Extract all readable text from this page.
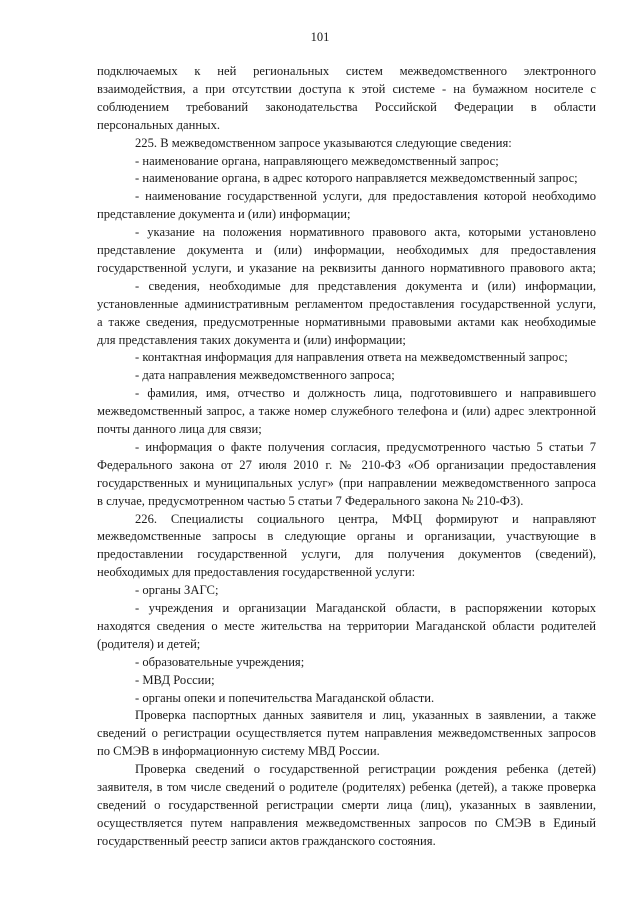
101
подключаемых к ней региональных систем межведомственного электронного
взаимодействия, а при отсутствии доступа к этой системе - на бумажном носителе с
соблюдением требований законодательства Российской Федерации в области
персональных данных.
225. В межведомственном запросе указываются следующие сведения:
- наименование органа, направляющего межведомственный запрос;
- наименование органа, в адрес которого направляется межведомственный запрос;
- наименование государственной услуги, для предоставления которой необходимо
представление документа и (или) информации;
- указание на положения нормативного правового акта, которыми установлено
представление документа и (или) информации, необходимых для предоставления
государственной услуги, и указание на реквизиты данного нормативного правового акта;
- сведения, необходимые для представления документа и (или) информации,
установленные административным регламентом предоставления государственной услуги,
а также сведения, предусмотренные нормативными правовыми актами как необходимые
для представления таких документа и (или) информации;
- контактная информация для направления ответа на межведомственный запрос;
- дата направления межведомственного запроса;
- фамилия, имя, отчество и должность лица, подготовившего и направившего
межведомственный запрос, а также номер служебного телефона и (или) адрес электронной
почты данного лица для связи;
- информация о факте получения согласия, предусмотренного частью 5 статьи 7
Федерального закона от 27 июля 2010 г. № 210-ФЗ «Об организации предоставления
государственных и муниципальных услуг» (при направлении межведомственного запроса
в случае, предусмотренном частью 5 статьи 7 Федерального закона № 210-ФЗ).
226. Специалисты социального центра, МФЦ формируют и направляют
межведомственные запросы в следующие органы и организации, участвующие в
предоставлении государственной услуги, для получения документов (сведений),
необходимых для предоставления государственной услуги:
- органы ЗАГС;
- учреждения и организации Магаданской области, в распоряжении которых
находятся сведения о месте жительства на территории Магаданской области родителей
(родителя) и детей;
- образовательные учреждения;
- МВД России;
- органы опеки и попечительства Магаданской области.
Проверка паспортных данных заявителя и лиц, указанных в заявлении, а также
сведений о регистрации осуществляется путем направления межведомственных запросов
по СМЭВ в информационную систему МВД России.
Проверка сведений о государственной регистрации рождения ребенка (детей)
заявителя, в том числе сведений о родителе (родителях) ребенка (детей), а также проверка
сведений о государственной регистрации смерти лица (лиц), указанных в заявлении,
осуществляется путем направления межведомственных запросов по СМЭВ в Единый
государственный реестр записи актов гражданского состояния.
